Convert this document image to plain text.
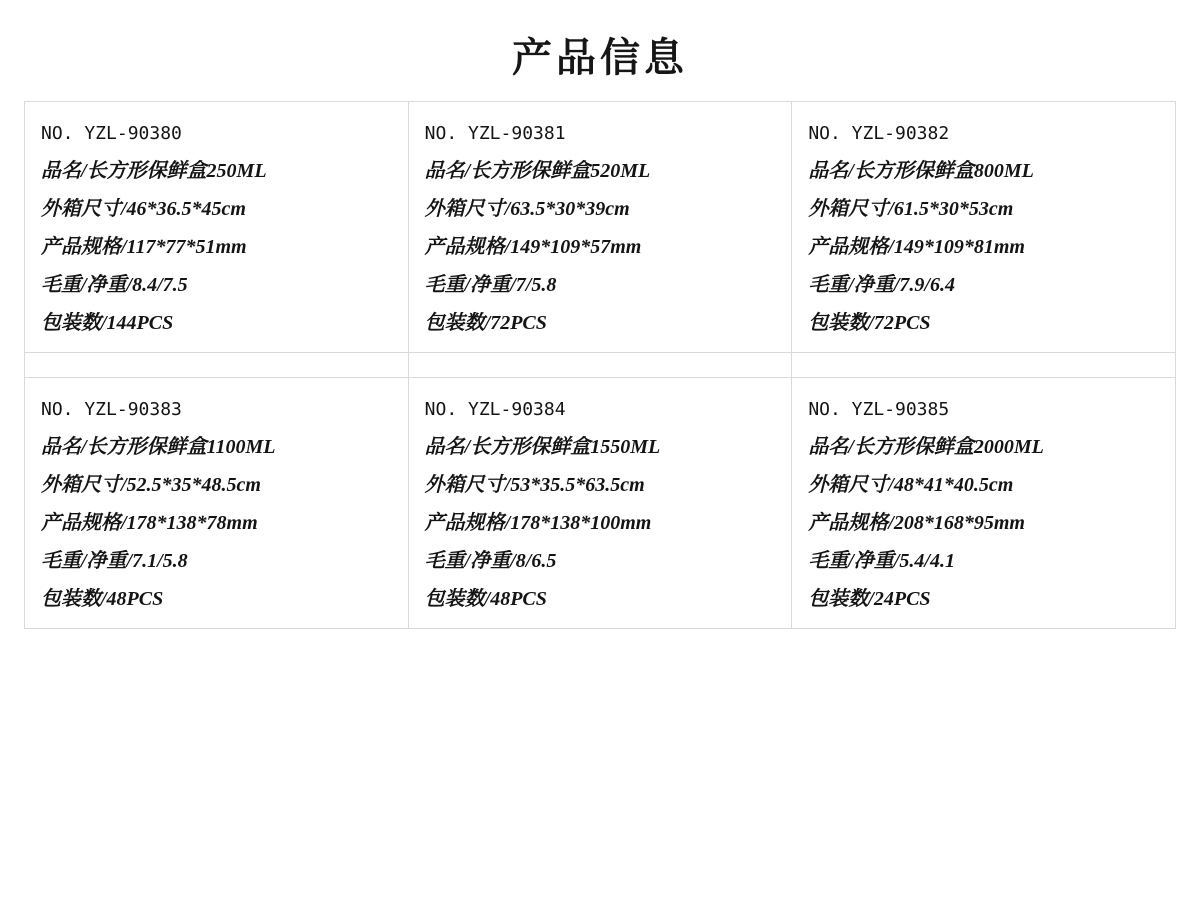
产品信息
NO. YZL-90380
品名/长方形保鲜盒250ML
外箱尺寸/46*36.5*45cm
产品规格/117*77*51mm
毛重/净重/8.4/7.5
包装数/144PCS

NO. YZL-90381
品名/长方形保鲜盒520ML
外箱尺寸/63.5*30*39cm
产品规格/149*109*57mm
毛重/净重/7/5.8
包装数/72PCS

NO. YZL-90382
品名/长方形保鲜盒800ML
外箱尺寸/61.5*30*53cm
产品规格/149*109*81mm
毛重/净重/7.9/6.4
包装数/72PCS

NO. YZL-90383
品名/长方形保鲜盒1100ML
外箱尺寸/52.5*35*48.5cm
产品规格/178*138*78mm
毛重/净重/7.1/5.8
包装数/48PCS

NO. YZL-90384
品名/长方形保鲜盒1550ML
外箱尺寸/53*35.5*63.5cm
产品规格/178*138*100mm
毛重/净重/8/6.5
包装数/48PCS

NO. YZL-90385
品名/长方形保鲜盒2000ML
外箱尺寸/48*41*40.5cm
产品规格/208*168*95mm
毛重/净重/5.4/4.1
包装数/24PCS
